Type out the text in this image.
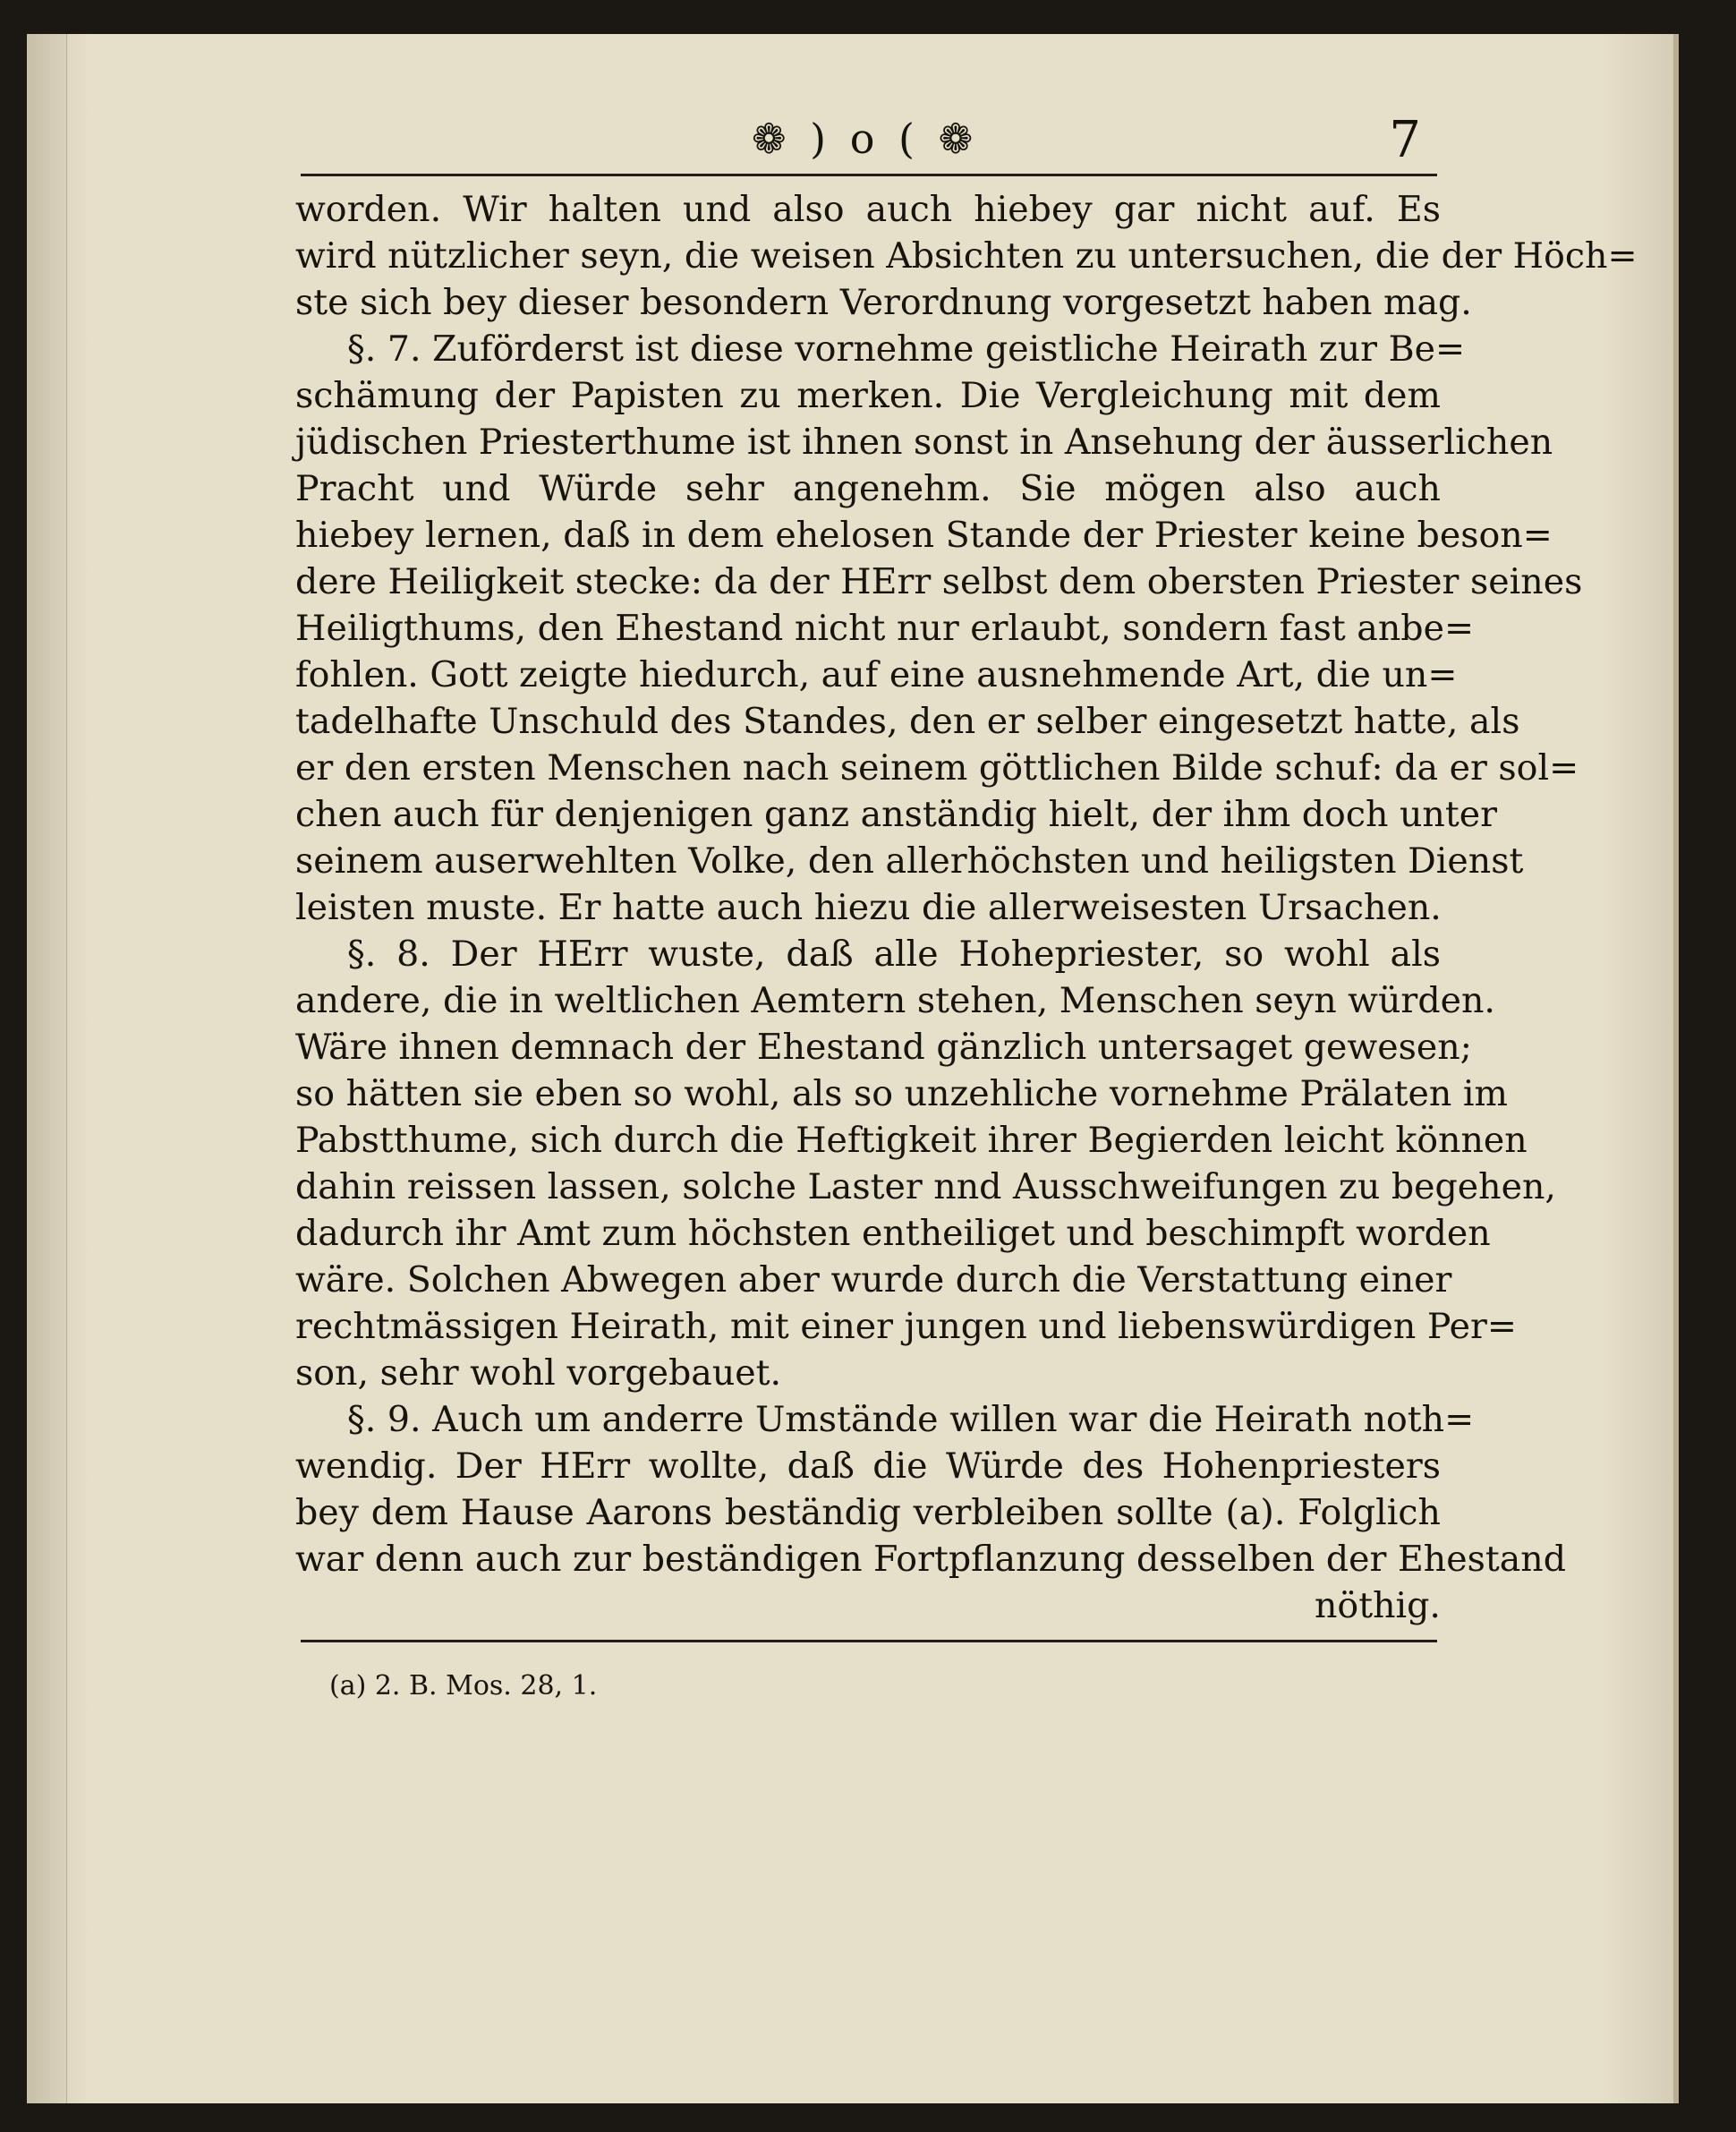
❁ ) o ( ❁	7
worden. Wir halten und also auch hiebey gar nicht auf. Es
wird nützlicher seyn, die weisen Absichten zu untersuchen, die der Höch=
ste sich bey dieser besondern Verordnung vorgesetzt haben mag.
§. 7. Zuförderst ist diese vornehme geistliche Heirath zur Be=
schämung der Papisten zu merken. Die Vergleichung mit dem
jüdischen Priesterthume ist ihnen sonst in Ansehung der äusserlichen
Pracht und Würde sehr angenehm. Sie mögen also auch
hiebey lernen, daß in dem ehelosen Stande der Priester keine beson=
dere Heiligkeit stecke: da der HErr selbst dem obersten Priester seines
Heiligthums, den Ehestand nicht nur erlaubt, sondern fast anbe=
fohlen. Gott zeigte hiedurch, auf eine ausnehmende Art, die un=
tadelhafte Unschuld des Standes, den er selber eingesetzt hatte, als
er den ersten Menschen nach seinem göttlichen Bilde schuf: da er sol=
chen auch für denjenigen ganz anständig hielt, der ihm doch unter
seinem auserwehlten Volke, den allerhöchsten und heiligsten Dienst
leisten muste. Er hatte auch hiezu die allerweisesten Ursachen.
§. 8. Der HErr wuste, daß alle Hohepriester, so wohl als
andere, die in weltlichen Aemtern stehen, Menschen seyn würden.
Wäre ihnen demnach der Ehestand gänzlich untersaget gewesen;
so hätten sie eben so wohl, als so unzehliche vornehme Prälaten im
Pabstthume, sich durch die Heftigkeit ihrer Begierden leicht können
dahin reissen lassen, solche Laster nnd Ausschweifungen zu begehen,
dadurch ihr Amt zum höchsten entheiliget und beschimpft worden
wäre. Solchen Abwegen aber wurde durch die Verstattung einer
rechtmässigen Heirath, mit einer jungen und liebenswürdigen Per=
son, sehr wohl vorgebauet.
§. 9. Auch um anderre Umstände willen war die Heirath noth=
wendig. Der HErr wollte, daß die Würde des Hohenpriesters
bey dem Hause Aarons beständig verbleiben sollte (a). Folglich
war denn auch zur beständigen Fortpflanzung desselben der Ehestand
nöthig.
(a) 2. B. Mos. 28, 1.
